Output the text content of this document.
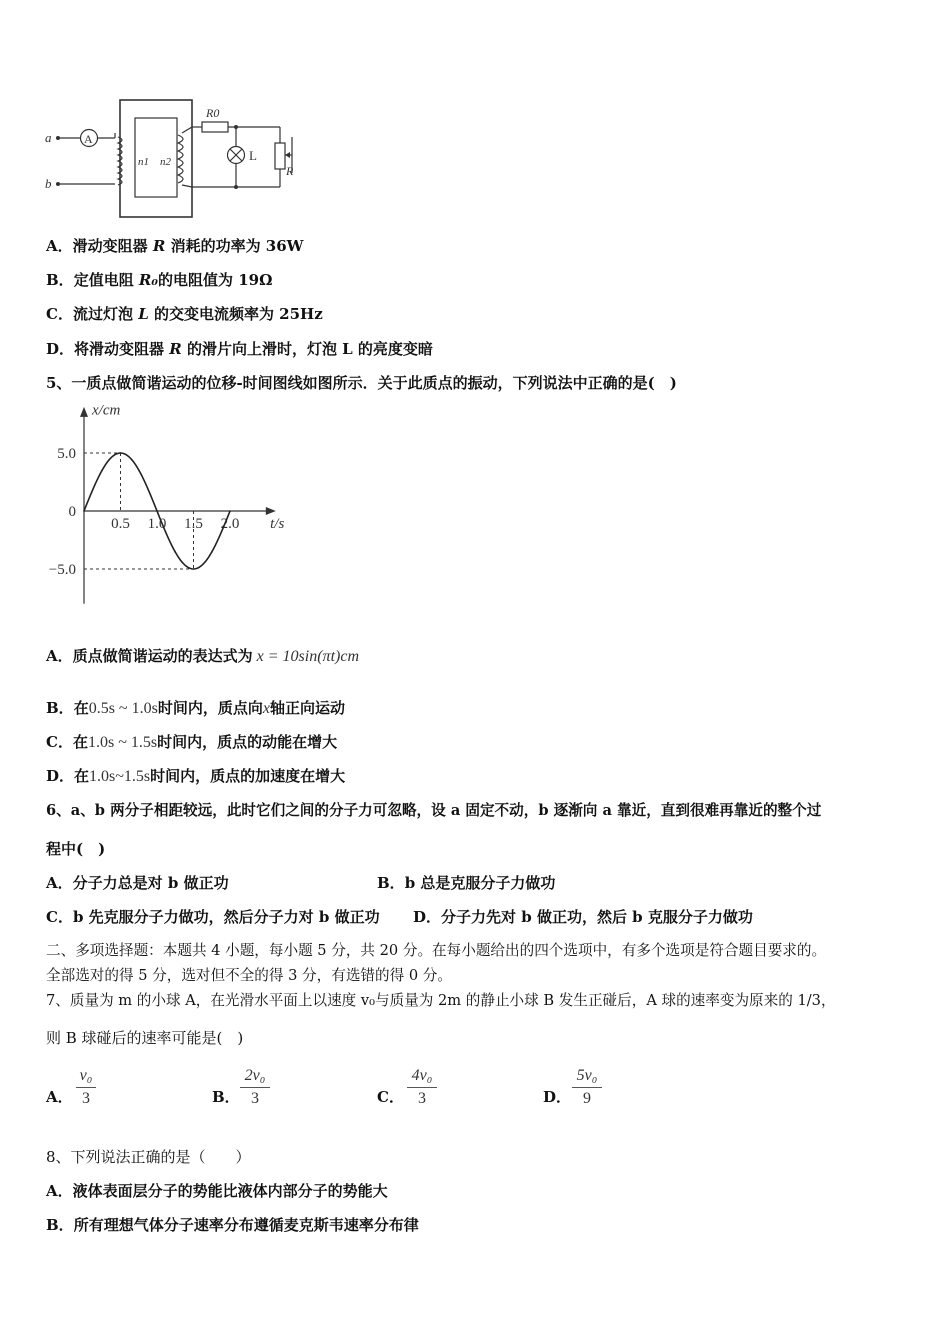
a
b
n1 n2
R0
R
A
L
A．滑动变阻器 R 消耗的功率为 36W
B．定值电阻 R₀的电阻值为 19Ω
C．流过灯泡 L 的交变电流频率为 25Hz
D．将滑动变阻器 R 的滑片向上滑时，灯泡 L 的亮度变暗
5、一质点做简谐运动的位移-时间图线如图所示．关于此质点的振动，下列说法中正确的是(　)
x/cm
t/s
5.0
0
−5.0
0.5 1.0 1.5 2.0
A．质点做简谐运动的表达式为 x = 10sin(πt)cm
B．在0.5s ~ 1.0s时间内，质点向x轴正向运动
C．在1.0s ~ 1.5s时间内，质点的动能在增大
D．在1.0s~1.5s时间内，质点的加速度在增大
6、a、b 两分子相距较远，此时它们之间的分子力可忽略，设 a 固定不动，b 逐渐向 a 靠近，直到很难再靠近的整个过
程中(　)
A．分子力总是对 b 做正功	B．b 总是克服分子力做功
C．b 先克服分子力做功，然后分子力对 b 做正功 D．分子力先对 b 做正功，然后 b 克服分子力做功
二、多项选择题：本题共 4 小题，每小题 5 分，共 20 分。在每小题给出的四个选项中，有多个选项是符合题目要求的。
全部选对的得 5 分，选对但不全的得 3 分，有选错的得 0 分。
7、质量为 m 的小球 A，在光滑水平面上以速度 v₀与质量为 2m 的静止小球 B 发生正碰后，A 球的速率变为原来的 1/3，
则 B 球碰后的速率可能是(　)
A．
v₀
3	B．
2v₀
3	C．
4v₀
3	D．
5v₀
9
8、下列说法正确的是（　　）
A．液体表面层分子的势能比液体内部分子的势能大
B．所有理想气体分子速率分布遵循麦克斯韦速率分布律
